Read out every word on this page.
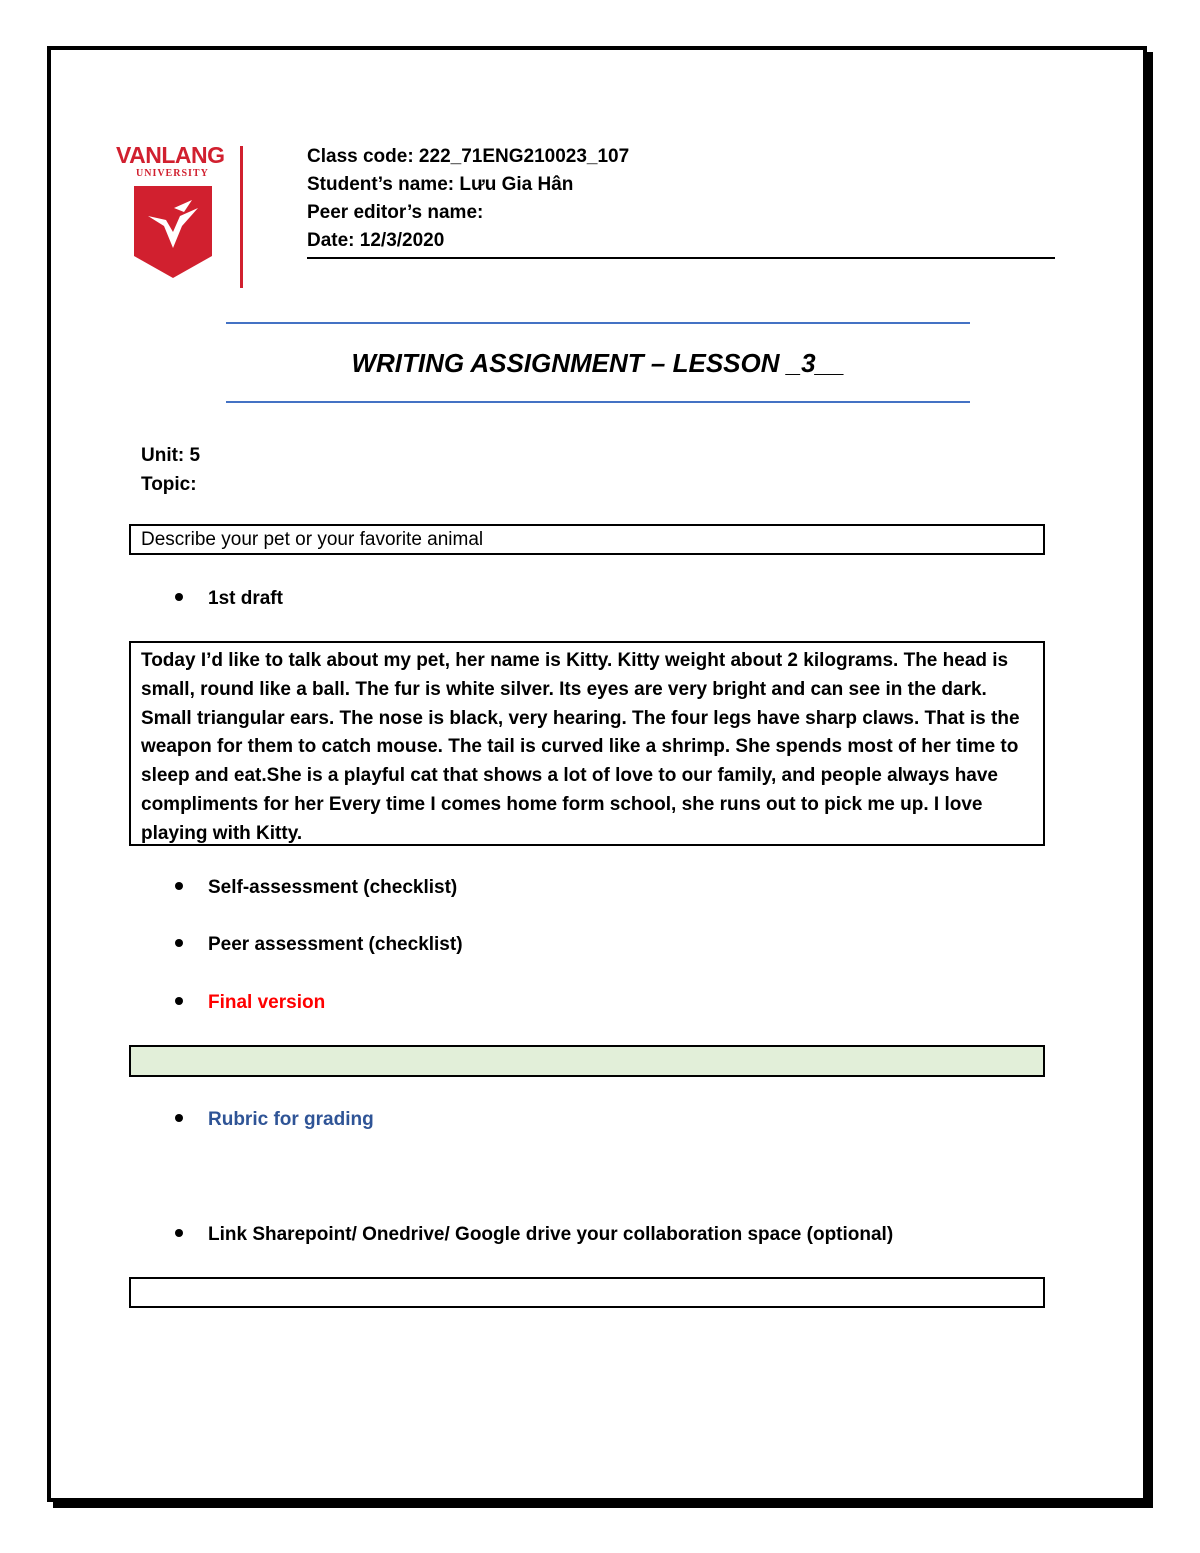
VANLANG
UNIVERSITY
Class code: 222_71ENG210023_107
Student’s name: Lưu Gia Hân
Peer editor’s name:
Date: 12/3/2020
WRITING ASSIGNMENT – LESSON _3__
Unit: 5
Topic:
Describe your pet or your favorite animal
1st draft
Today I’d like to talk about my pet, her name is Kitty. Kitty weight about 2 kilograms. The head is small, round like a ball. The fur is white silver. Its eyes are very bright and can see in the dark. Small triangular ears. The nose is black, very hearing. The four legs have sharp claws. That is the weapon for them to catch mouse. The tail is curved like a shrimp. She spends most of her time to sleep and eat.She is a playful cat that shows a lot of love to our family, and people always have compliments for her Every time I comes home form school, she runs out to pick me up. I love playing with Kitty.
Self-assessment (checklist)
Peer assessment (checklist)
Final version
Rubric for grading
Link Sharepoint/ Onedrive/ Google drive your collaboration space (optional)
